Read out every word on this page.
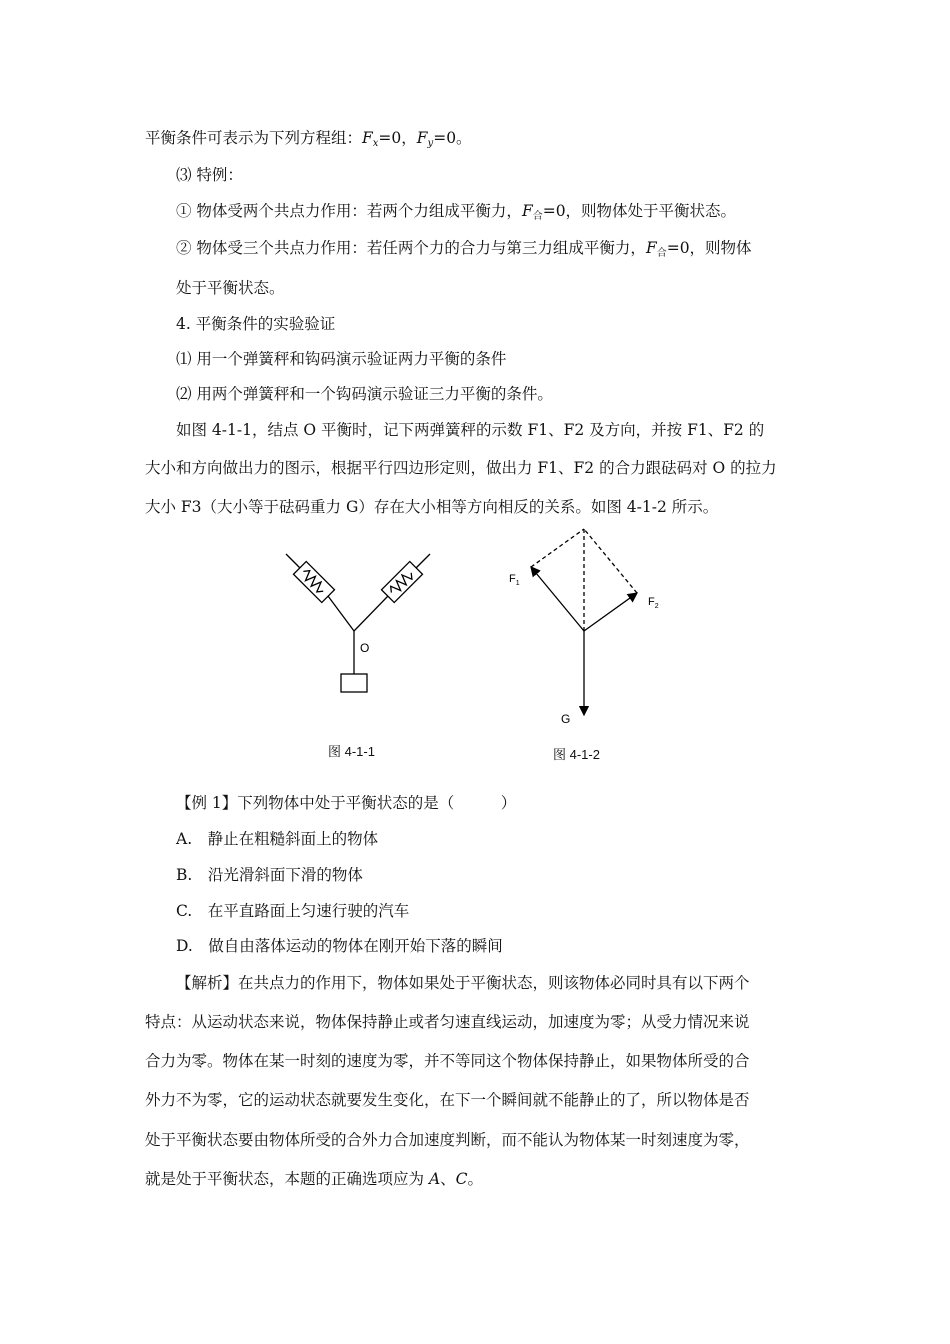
平衡条件可表示为下列方程组：$F_x=0$，$F_y=0$。
⑶ 特例：
① 物体受两个共点力作用：若两个力组成平衡力，$F_合=0$，则物体处于平衡状态。
② 物体受三个共点力作用：若任两个力的合力与第三力组成平衡力，$F_合=0$，则物体
处于平衡状态。
4. 平衡条件的实验验证
⑴ 用一个弹簧秤和钩码演示验证两力平衡的条件
⑵ 用两个弹簧秤和一个钩码演示验证三力平衡的条件。
如图 4-1-1，结点 O 平衡时，记下两弹簧秤的示数 F1、F2 及方向，并按 F1、F2 的
大小和方向做出力的图示，根据平行四边形定则，做出力 F1、F2 的合力跟砝码对 O 的拉力
大小 F3（大小等于砝码重力 G）存在大小相等方向相反的关系。如图 4-1-2 所示。
O
图 4-1-1
$F_1$
$F_2$
G
图 4-1-2
【例 1】下列物体中处于平衡状态的是（　　　）
A.　静止在粗糙斜面上的物体
B.　沿光滑斜面下滑的物体
C.　在平直路面上匀速行驶的汽车
D.　做自由落体运动的物体在刚开始下落的瞬间
【解析】在共点力的作用下，物体如果处于平衡状态，则该物体必同时具有以下两个
特点：从运动状态来说，物体保持静止或者匀速直线运动，加速度为零；从受力情况来说
合力为零。物体在某一时刻的速度为零，并不等同这个物体保持静止，如果物体所受的合
外力不为零，它的运动状态就要发生变化，在下一个瞬间就不能静止的了，所以物体是否
处于平衡状态要由物体所受的合外力合加速度判断，而不能认为物体某一时刻速度为零，
就是处于平衡状态，本题的正确选项应为 A、C。
